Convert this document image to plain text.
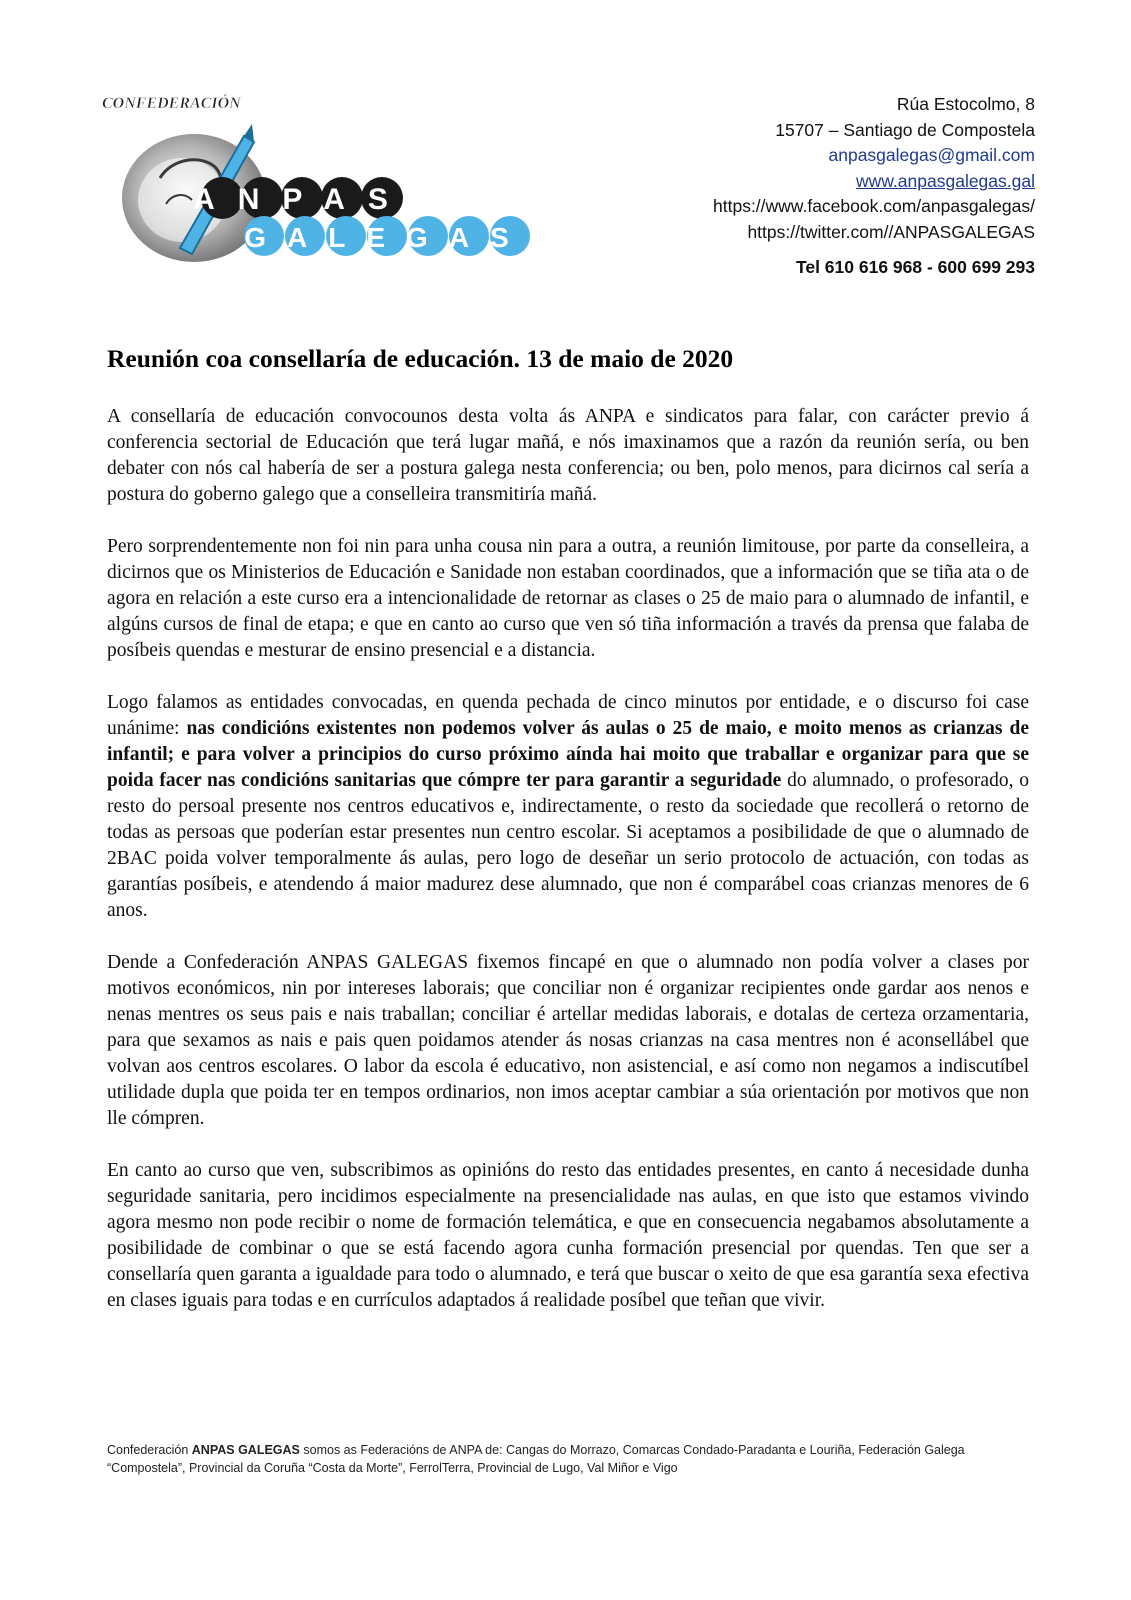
CONFEDERACIÓN
ANPAS
GALEGAS
Rúa Estocolmo, 8
15707 – Santiago de Compostela
anpasgalegas@gmail.com
www.anpasgalegas.gal
https://www.facebook.com/anpasgalegas/
https://twitter.com//ANPASGALEGAS
Tel 610 616 968 - 600 699 293
Reunión coa consellaría de educación. 13 de maio de 2020

A consellaría de educación convocounos desta volta ás ANPA e sindicatos para falar, con carácter previo á conferencia sectorial de Educación que terá lugar mañá, e nós imaxinamos que a razón da reunión sería, ou ben debater con nós cal habería de ser a postura galega nesta conferencia; ou ben, polo menos, para dicirnos cal sería a postura do goberno galego que a conselleira transmitiría mañá.

Pero sorprendentemente non foi nin para unha cousa nin para a outra, a reunión limitouse, por parte da conselleira, a dicirnos que os Ministerios de Educación e Sanidade non estaban coordinados, que a información que se tiña ata o de agora en relación a este curso era a intencionalidade de retornar as clases o 25 de maio para o alumnado de infantil, e algúns cursos de final de etapa; e que en canto ao curso que ven só tiña información a través da prensa que falaba de posíbeis quendas e mesturar de ensino presencial e a distancia.

Logo falamos as entidades convocadas, en quenda pechada de cinco minutos por entidade, e o discurso foi case unánime: nas condicións existentes non podemos volver ás aulas o 25 de maio, e moito menos as crianzas de infantil; e para volver a principios do curso próximo aínda hai moito que traballar e organizar para que se poida facer nas condicións sanitarias que cómpre ter para garantir a seguridade do alumnado, o profesorado, o resto do persoal presente nos centros educativos e, indirectamente, o resto da sociedade que recollerá o retorno de todas as persoas que poderían estar presentes nun centro escolar. Si aceptamos a posibilidade de que o alumnado de 2BAC poida volver temporalmente ás aulas, pero logo de deseñar un serio protocolo de actuación, con todas as garantías posíbeis, e atendendo á maior madurez dese alumnado, que non é comparábel coas crianzas menores de 6 anos.

Dende a Confederación ANPAS GALEGAS fixemos fincapé en que o alumnado non podía volver a clases por motivos económicos, nin por intereses laborais; que conciliar non é organizar recipientes onde gardar aos nenos e nenas mentres os seus pais e nais traballan; conciliar é artellar medidas laborais, e dotalas de certeza orzamentaria, para que sexamos as nais e pais quen poidamos atender ás nosas crianzas na casa mentres non é aconsellábel que volvan aos centros escolares. O labor da escola é educativo, non asistencial, e así como non negamos a indiscutíbel utilidade dupla que poida ter en tempos ordinarios, non imos aceptar cambiar a súa orientación por motivos que non lle cómpren.

En canto ao curso que ven, subscribimos as opinións do resto das entidades presentes, en canto á necesidade dunha seguridade sanitaria, pero incidimos especialmente na presencialidade nas aulas, en que isto que estamos vivindo agora mesmo non pode recibir o nome de formación telemática, e que en consecuencia negabamos absolutamente a posibilidade de combinar o que se está facendo agora cunha formación presencial por quendas. Ten que ser a consellaría quen garanta a igualdade para todo o alumnado, e terá que buscar o xeito de que esa garantía sexa efectiva en clases iguais para todas e en currículos adaptados á realidade posíbel que teñan que vivir.

Confederación ANPAS GALEGAS somos as Federacións de ANPA de: Cangas do Morrazo, Comarcas Condado-Paradanta e Louriña, Federación Galega “Compostela”, Provincial da Coruña “Costa da Morte”, FerrolTerra, Provincial de Lugo, Val Miñor e Vigo
